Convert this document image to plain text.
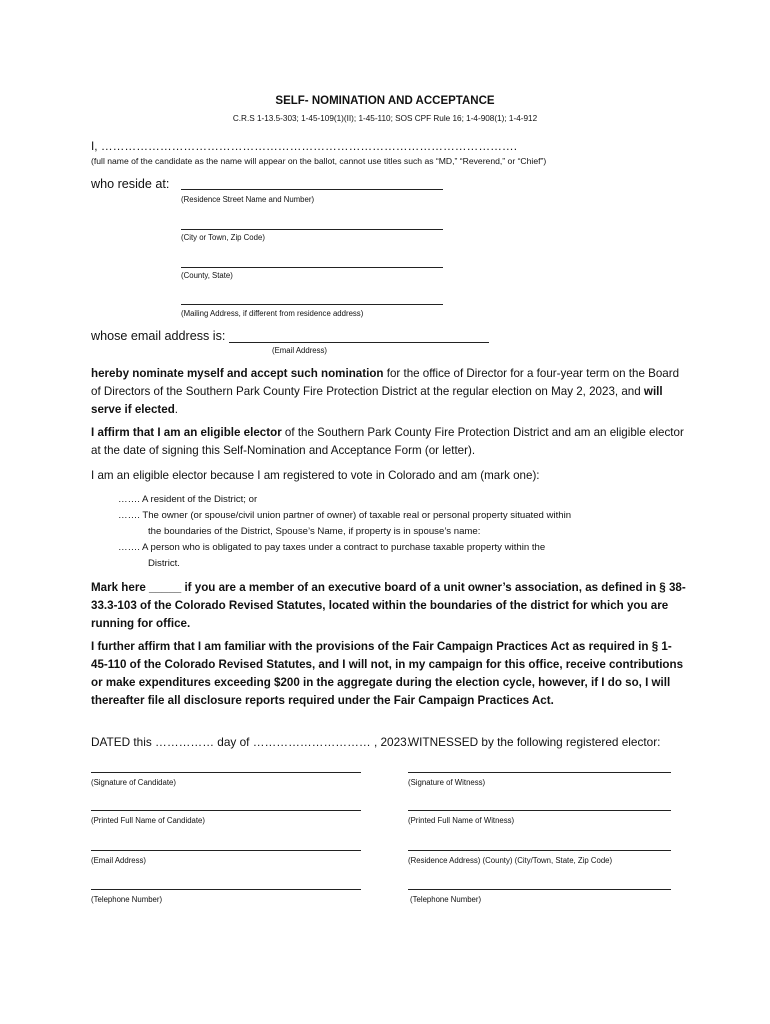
SELF- NOMINATION AND ACCEPTANCE
C.R.S 1-13.5-303; 1-45-109(1)(II); 1-45-110; SOS CPF Rule 16; 1-4-908(1); 1-4-912
I, …………………………………………………………………………………………….
(full name of the candidate as the name will appear on the ballot, cannot use titles such as “MD,” “Reverend,” or “Chief”)
who reside at:
(Residence Street Name and Number)
(City or Town, Zip Code)
(County, State)
(Mailing Address, if different from residence address)
whose email address is:
(Email Address)
hereby nominate myself and accept such nomination for the office of Director for a four-year term on the Board of Directors of the Southern Park County Fire Protection District at the regular election on May 2, 2023, and will serve if elected.
I affirm that I am an eligible elector of the Southern Park County Fire Protection District and am an eligible elector at the date of signing this Self-Nomination and Acceptance Form (or letter).
I am an eligible elector because I am registered to vote in Colorado and am (mark one):
……. A resident of the District; or
……. The owner (or spouse/civil union partner of owner) of taxable real or personal property situated within
the boundaries of the District, Spouse’s Name, if property is in spouse’s name:
……. A person who is obligated to pay taxes under a contract to purchase taxable property within the
District.
Mark here _____ if you are a member of an executive board of a unit owner’s association, as defined in § 38-33.3-103 of the Colorado Revised Statutes, located within the boundaries of the district for which you are running for office.
I further affirm that I am familiar with the provisions of the Fair Campaign Practices Act as required in § 1- 45-110 of the Colorado Revised Statutes, and I will not, in my campaign for this office, receive contributions or make expenditures exceeding $200 in the aggregate during the election cycle, however, if I do so, I will thereafter file all disclosure reports required under the Fair Campaign Practices Act.
DATED this …………… day of ………………………… , 2023.
WITNESSED by the following registered elector:
(Signature of Candidate)
(Printed Full Name of Candidate)
(Email Address)
(Telephone Number)
(Signature of Witness)
(Printed Full Name of Witness)
(Residence Address) (County) (City/Town, State, Zip Code)
(Telephone Number)
